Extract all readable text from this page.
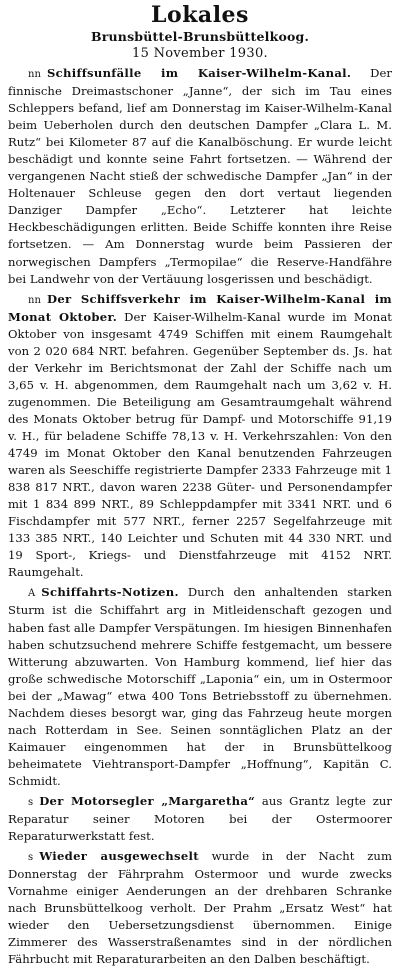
Lokales
Brunsbüttel-Brunsbüttelkoog.
15 November 1930.

nn Schiffsunfälle im Kaiser-Wilhelm-Kanal. Der finnische Dreimastschoner „Janne“, der sich im Tau eines Schleppers befand, lief am Donnerstag im Kaiser-Wilhelm-Kanal beim Ueberholen durch den deutschen Dampfer „Clara L. M. Rutz“ bei Kilometer 87 auf die Kanalböschung. Er wurde leicht beschädigt und konnte seine Fahrt fortsetzen. — Während der vergangenen Nacht stieß der schwedische Dampfer „Jan“ in der Holtenauer Schleuse gegen den dort vertaut liegenden Danziger Dampfer „Echo“. Letzterer hat leichte Heckbeschädigungen erlitten. Beide Schiffe konnten ihre Reise fortsetzen. — Am Donnerstag wurde beim Passieren der norwegischen Dampfers „Termopilae“ die Reserve-Handfähre bei Landwehr von der Vertäuung losgerissen und beschädigt.

nn Der Schiffsverkehr im Kaiser-Wilhelm-Kanal im Monat Oktober. Der Kaiser-Wilhelm-Kanal wurde im Monat Oktober von insgesamt 4749 Schiffen mit einem Raumgehalt von 2 020 684 NRT. befahren. Gegenüber September ds. Js. hat der Verkehr im Berichtsmonat der Zahl der Schiffe nach um 3,65 v. H. abgenommen, dem Raumgehalt nach um 3,62 v. H. zugenommen. Die Beteiligung am Gesamtraumgehalt während des Monats Oktober betrug für Dampf- und Motorschiffe 91,19 v. H., für beladene Schiffe 78,13 v. H. Verkehrszahlen: Von den 4749 im Monat Oktober den Kanal benutzenden Fahrzeugen waren als Seeschiffe registrierte Dampfer 2333 Fahrzeuge mit 1 838 817 NRT., davon waren 2238 Güter- und Personendampfer mit 1 834 899 NRT., 89 Schleppdampfer mit 3341 NRT. und 6 Fischdampfer mit 577 NRT., ferner 2257 Segelfahrzeuge mit 133 385 NRT., 140 Leichter und Schuten mit 44 330 NRT. und 19 Sport-, Kriegs- und Dienstfahrzeuge mit 4152 NRT. Raumgehalt.

A Schiffahrts-Notizen. Durch den anhaltenden starken Sturm ist die Schiffahrt arg in Mitleidenschaft gezogen und haben fast alle Dampfer Verspätungen. Im hiesigen Binnenhafen haben schutzsuchend mehrere Schiffe festgemacht, um bessere Witterung abzuwarten. Von Hamburg kommend, lief hier das große schwedische Motorschiff „Laponia“ ein, um in Ostermoor bei der „Mawag“ etwa 400 Tons Betriebsstoff zu übernehmen. Nachdem dieses besorgt war, ging das Fahrzeug heute morgen nach Rotterdam in See. Seinen sonntäglichen Platz an der Kaimauer eingenommen hat der in Brunsbüttelkoog beheimatete Viehtransport-Dampfer „Hoffnung“, Kapitän C. Schmidt.

s Der Motorsegler „Margaretha“ aus Grantz legte zur Reparatur seiner Motoren bei der Ostermoorer Reparaturwerkstatt fest.

s Wieder ausgewechselt wurde in der Nacht zum Donnerstag der Fährprahm Ostermoor und wurde zwecks Vornahme einiger Aenderungen an der drehbaren Schranke nach Brunsbüttelkoog verholt. Der Prahm „Ersatz West“ hat wieder den Uebersetzungsdienst übernommen. Einige Zimmerer des Wasserstraßenamtes sind in der nördlichen Fährbucht mit Reparaturarbeiten an den Dalben beschäftigt.
